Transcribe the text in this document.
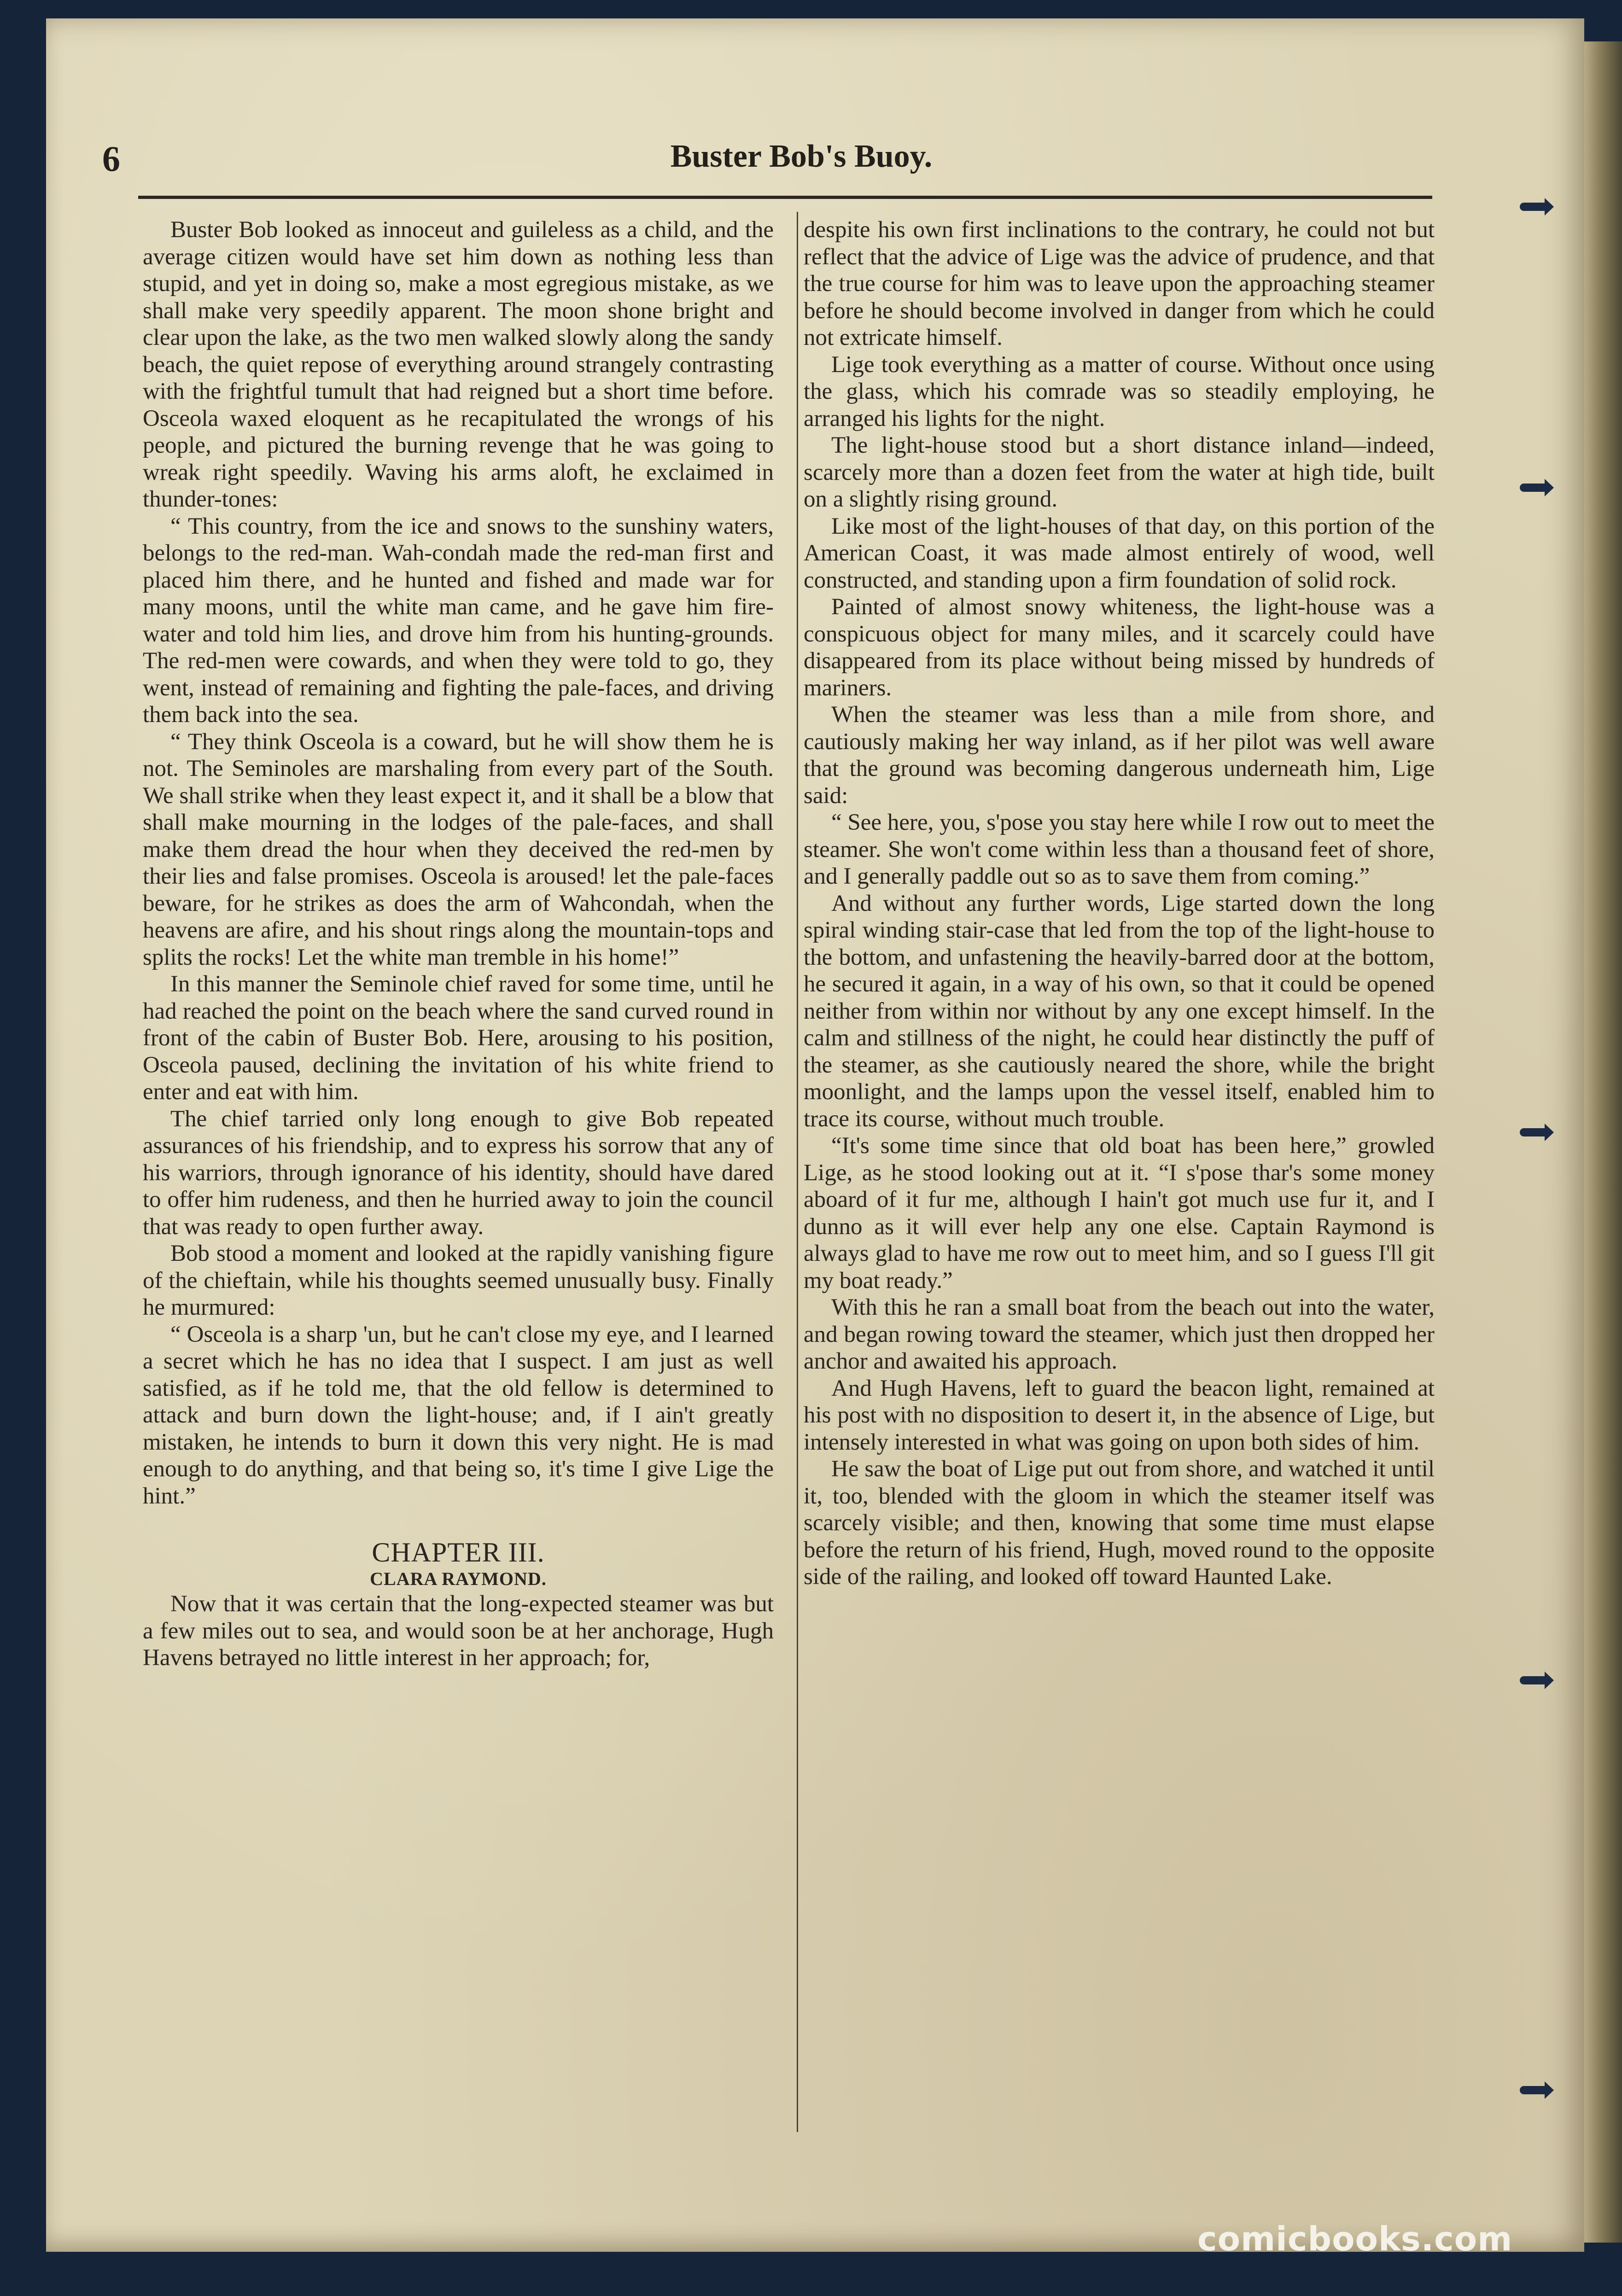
6	Buster Bob's Buoy.

Buster Bob looked as innoceut and guileless as a child, and the average citizen would have set him down as nothing less than stupid, and yet in doing so, make a most egregious mistake, as we shall make very speedily apparent. The moon shone bright and clear upon the lake, as the two men walked slowly along the sandy beach, the quiet repose of everything around strangely contrasting with the frightful tumult that had reigned but a short time before. Osceola waxed eloquent as he recapitulated the wrongs of his people, and pictured the burning revenge that he was going to wreak right speedily. Waving his arms aloft, he exclaimed in thunder-tones:

“ This country, from the ice and snows to the sunshiny waters, belongs to the red-man. Wah-condah made the red-man first and placed him there, and he hunted and fished and made war for many moons, until the white man came, and he gave him fire-water and told him lies, and drove him from his hunting-grounds. The red-men were cowards, and when they were told to go, they went, instead of remaining and fighting the pale-faces, and driving them back into the sea.

“ They think Osceola is a coward, but he will show them he is not. The Seminoles are marshaling from every part of the South. We shall strike when they least expect it, and it shall be a blow that shall make mourning in the lodges of the pale-faces, and shall make them dread the hour when they deceived the red-men by their lies and false promises. Osceola is aroused! let the pale-faces beware, for he strikes as does the arm of Wahcondah, when the heavens are afire, and his shout rings along the mountain-tops and splits the rocks! Let the white man tremble in his home!”

In this manner the Seminole chief raved for some time, until he had reached the point on the beach where the sand curved round in front of the cabin of Buster Bob. Here, arousing to his position, Osceola paused, declining the invitation of his white friend to enter and eat with him.

The chief tarried only long enough to give Bob repeated assurances of his friendship, and to express his sorrow that any of his warriors, through ignorance of his identity, should have dared to offer him rudeness, and then he hurried away to join the council that was ready to open further away.

Bob stood a moment and looked at the rapidly vanishing figure of the chieftain, while his thoughts seemed unusually busy. Finally he murmured:

“ Osceola is a sharp 'un, but he can't close my eye, and I learned a secret which he has no idea that I suspect. I am just as well satisfied, as if he told me, that the old fellow is determined to attack and burn down the light-house; and, if I ain't greatly mistaken, he intends to burn it down this very night. He is mad enough to do anything, and that being so, it's time I give Lige the hint.”

CHAPTER III.
CLARA RAYMOND.

Now that it was certain that the long-expected steamer was but a few miles out to sea, and would soon be at her anchorage, Hugh Havens betrayed no little interest in her approach; for,

despite his own first inclinations to the contrary, he could not but reflect that the advice of Lige was the advice of prudence, and that the true course for him was to leave upon the approaching steamer before he should become involved in danger from which he could not extricate himself.

Lige took everything as a matter of course. Without once using the glass, which his comrade was so steadily employing, he arranged his lights for the night.

The light-house stood but a short distance inland—indeed, scarcely more than a dozen feet from the water at high tide, built on a slightly rising ground.

Like most of the light-houses of that day, on this portion of the American Coast, it was made almost entirely of wood, well constructed, and standing upon a firm foundation of solid rock.

Painted of almost snowy whiteness, the light-house was a conspicuous object for many miles, and it scarcely could have disappeared from its place without being missed by hundreds of mariners.

When the steamer was less than a mile from shore, and cautiously making her way inland, as if her pilot was well aware that the ground was becoming dangerous underneath him, Lige said:

“ See here, you, s'pose you stay here while I row out to meet the steamer. She won't come within less than a thousand feet of shore, and I generally paddle out so as to save them from coming.”

And without any further words, Lige started down the long spiral winding stair-case that led from the top of the light-house to the bottom, and unfastening the heavily-barred door at the bottom, he secured it again, in a way of his own, so that it could be opened neither from within nor without by any one except himself. In the calm and stillness of the night, he could hear distinctly the puff of the steamer, as she cautiously neared the shore, while the bright moonlight, and the lamps upon the vessel itself, enabled him to trace its course, without much trouble.

“It's some time since that old boat has been here,” growled Lige, as he stood looking out at it. “I s'pose thar's some money aboard of it fur me, although I hain't got much use fur it, and I dunno as it will ever help any one else. Captain Raymond is always glad to have me row out to meet him, and so I guess I'll git my boat ready.”

With this he ran a small boat from the beach out into the water, and began rowing toward the steamer, which just then dropped her anchor and awaited his approach.

And Hugh Havens, left to guard the beacon light, remained at his post with no disposition to desert it, in the absence of Lige, but intensely interested in what was going on upon both sides of him.

He saw the boat of Lige put out from shore, and watched it until it, too, blended with the gloom in which the steamer itself was scarcely visible; and then, knowing that some time must elapse before the return of his friend, Hugh, moved round to the opposite side of the railing, and looked off toward Haunted Lake.

comicbooks.com
